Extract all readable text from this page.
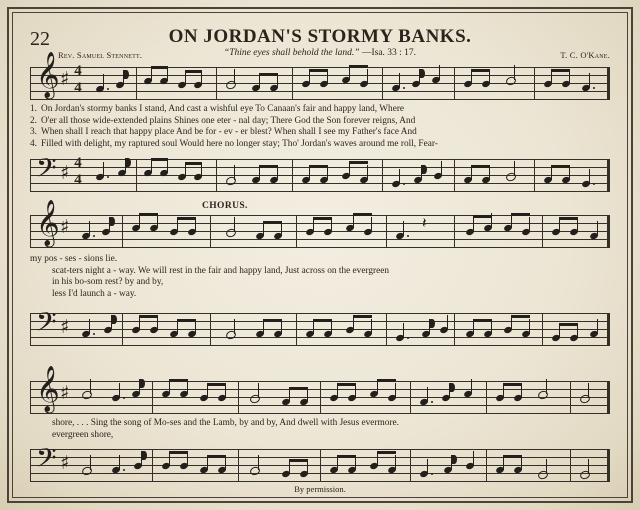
22	ON JORDAN'S STORMY BANKS.
“Thine eyes shall behold the land.” —Isa. 33 : 17.
Rev. Samuel Stennett.	T. C. O'Kane.
𝄞 ♯ 4
4
1. On Jordan's stormy banks I stand, And cast a wishful eye To Canaan's fair and happy land, Where
2. O'er all those wide-extended plains Shines one eter - nal day; There God the Son forever reigns, And
3. When shall I reach that happy place And be for - ev - er blest? When shall I see my Father's face And
4. Filled with delight, my raptured soul Would here no longer stay; Tho' Jordan's waves around me roll, Fear-
𝄢 ♯ 4
4
CHORUS.
𝄞 ♯	𝄽
my pos - ses - sions lie.
scat-ters night a - way. We will rest in the fair and happy land, Just across on the evergreen
in his bo-som rest? by and by,
less I'd launch a - way.
𝄢 ♯
𝄞 ♯
shore, . . . Sing the song of Mo-ses and the Lamb, by and by, And dwell with Jesus evermore.
evergreen shore,
𝄢 ♯
By permission.
